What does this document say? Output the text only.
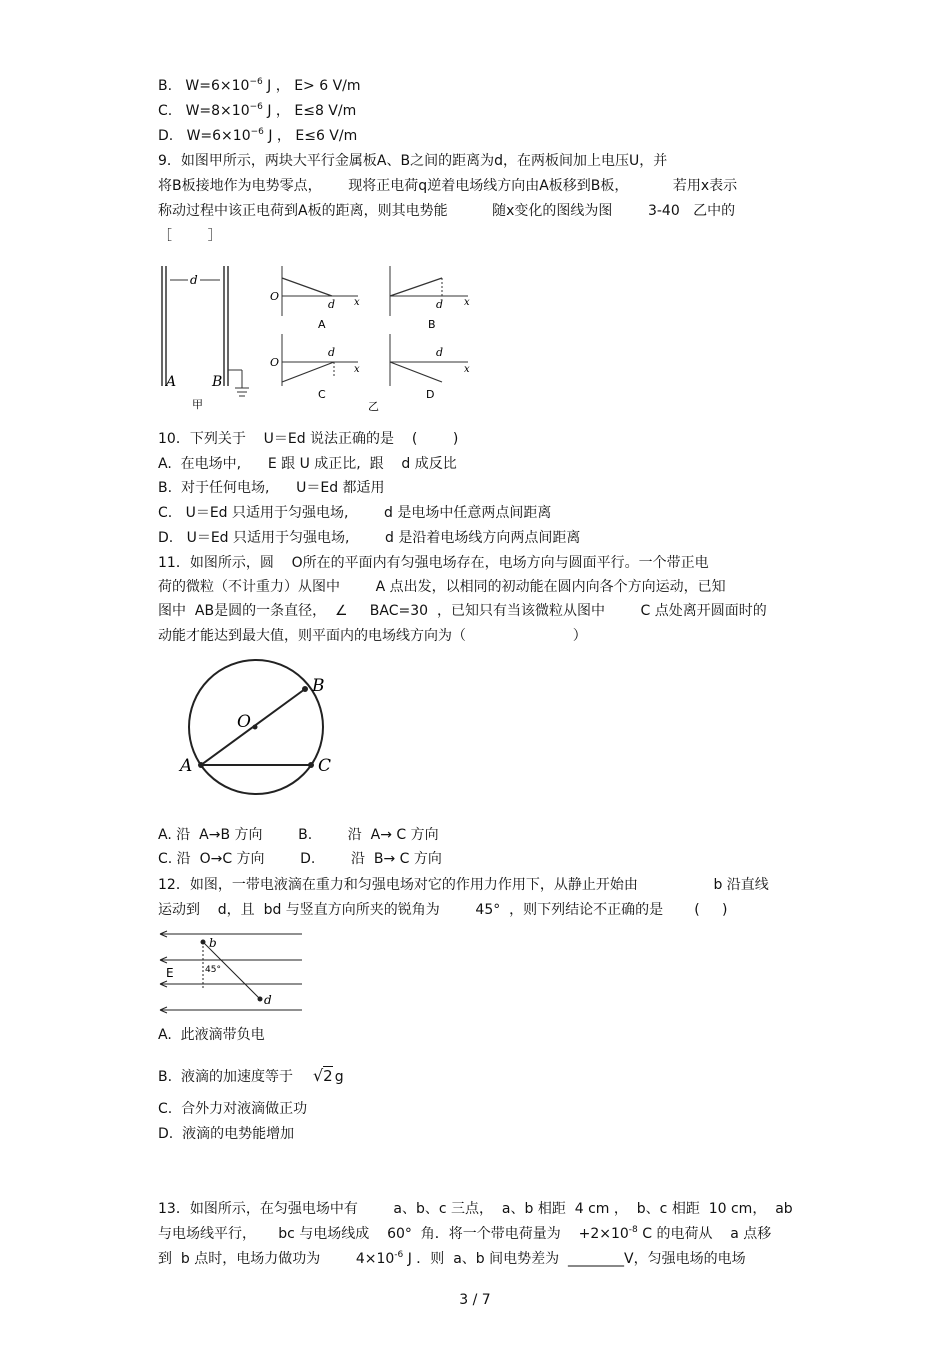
B.   $W=6\times 10^{-6}$ J ， E> 6 V/m
C.   $W=8\times 10^{-6}$ J ， E≤8 V/m
D.   $W=6\times 10^{-6}$ J ， E≤6 V/m
9．如图甲所示，两块大平行金属板A、B之间的距离为d，在两板间加上电压U，并
将B板接地作为电势零点，      现将正电荷q逆着电场线方向由A板移到B板，          若用x表示
称动过程中该正电荷到A板的距离，则其电势能          随x变化的图线为图        3-40   乙中的
［        ］
d
A	B
甲
O
d x
A
d x
B
O
d
x
C
d
x
D
乙
10．下列关于    U＝Ed 说法正确的是    (        )
A.  在电场中,      E 跟 U 成正比,  跟    d 成反比
B.  对于任何电场,      U＝Ed 都适用
C.   U＝Ed 只适用于匀强电场,        d 是电场中任意两点间距离
D.   U＝Ed 只适用于匀强电场,        d 是沿着电场线方向两点间距离
11．如图所示，圆    O所在的平面内有匀强电场存在，电场方向与圆面平行。一个带正电
荷的微粒（不计重力）从图中        A 点出发，以相同的初动能在圆内向各个方向运动，已知
图中  AB是圆的一条直径，  ∠     BAC=30  ，已知只有当该微粒从图中        C 点处离开圆面时的
动能才能达到最大值，则平面内的电场线方向为（                        ）
A
B
C
O
A. 沿  A→B 方向        B.        沿  A→ C 方向
C. 沿  O→C 方向        D.        沿  B→ C 方向
12．如图，一带电液滴在重力和匀强电场对它的作用力作用下，从静止开始由                 b 沿直线
运动到    d，且  bd 与竖直方向所夹的锐角为        45°  ，则下列结论不正确的是       (     )
b
d
E	45°
A.  此液滴带负电
B.  液滴的加速度等于 √2 g
C.  合外力对液滴做正功
D.  液滴的电势能增加
13．如图所示，在匀强电场中有        a、b、c 三点，  a、b 相距  4 cm ，  b、c 相距  10 cm，  ab
与电场线平行，     bc 与电场线成    60°  角．将一个带电荷量为    $+2\times 10^{-8}$ C 的电荷从    a 点移
到  b 点时，电场力做功为        $4\times 10^{-6}$ J ．则  a、b 间电势差为  ________V，匀强电场的电场
3 / 7
